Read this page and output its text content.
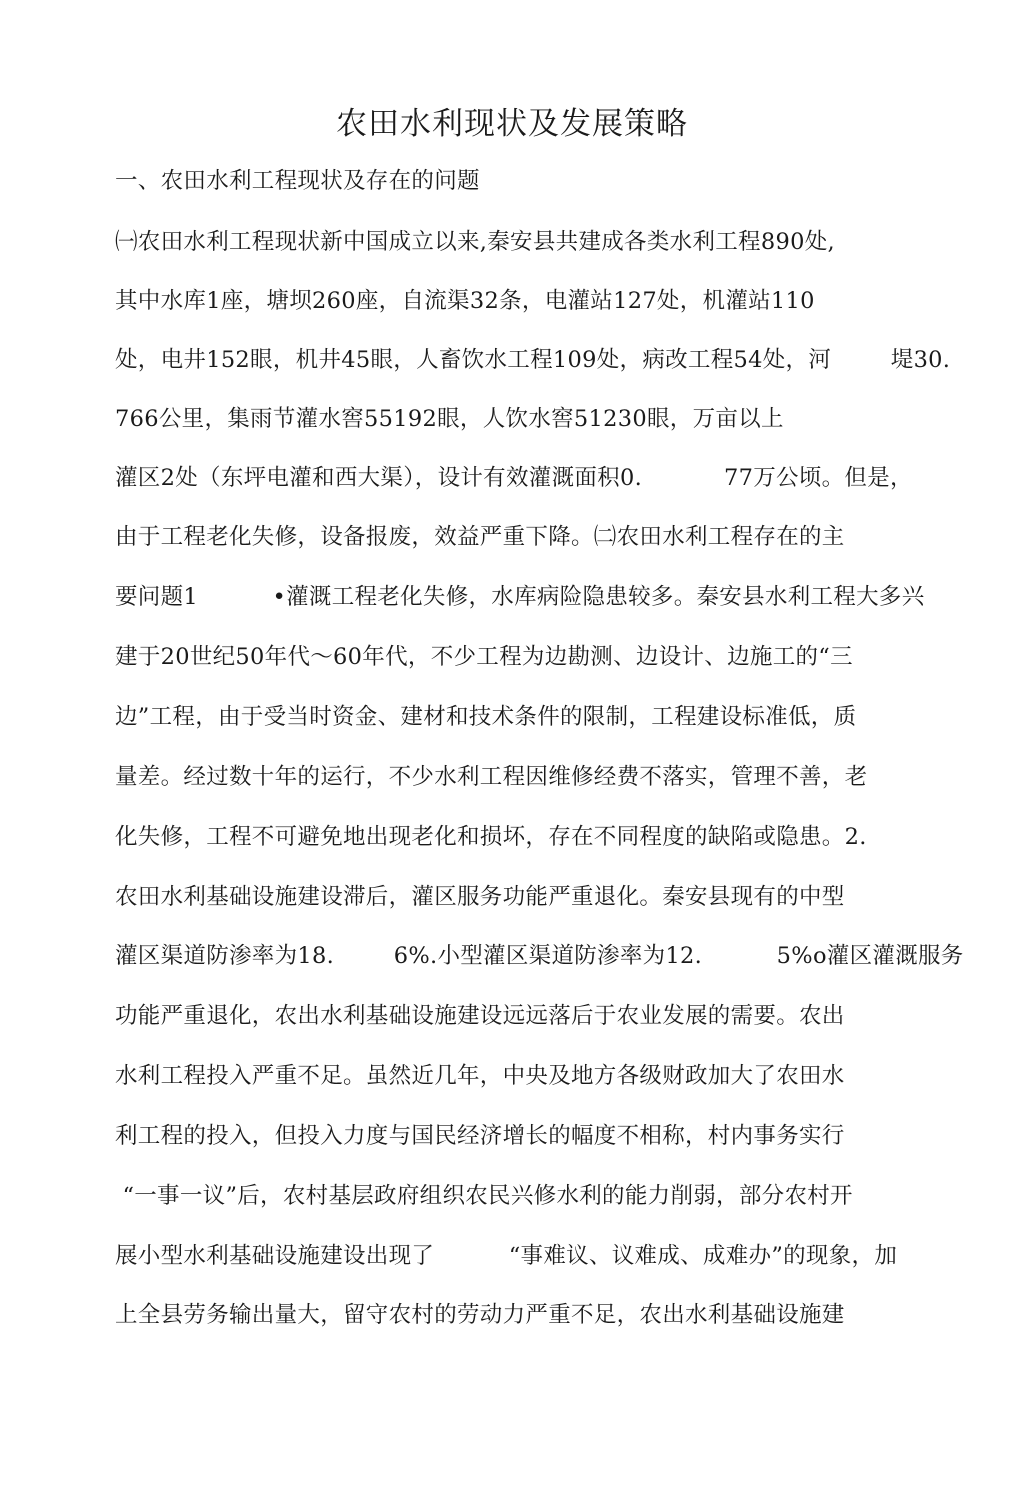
农田水利现状及发展策略
一、农田水利工程现状及存在的问题
㈠农田水利工程现状新中国成立以来,秦安县共建成各类水利工程890处,
其中水库1座，塘坝260座，自流渠32条，电灌站127处，机灌站110
处，电井152眼，机井45眼，人畜饮水工程109处，病改工程54处，河        堤30.
766公里，集雨节灌水窖55192眼，人饮水窖51230眼，万亩以上
灌区2处（东坪电灌和西大渠），设计有效灌溉面积0.           77万公顷。但是，
由于工程老化失修，设备报废，效益严重下降。㈡农田水利工程存在的主
要问题1          •灌溉工程老化失修，水库病险隐患较多。秦安县水利工程大多兴
建于20世纪50年代～60年代，不少工程为边勘测、边设计、边施工的“三
边”工程，由于受当时资金、建材和技术条件的限制，工程建设标准低，质
量差。经过数十年的运行，不少水利工程因维修经费不落实，管理不善，老
化失修，工程不可避免地出现老化和损坏，存在不同程度的缺陷或隐患。2.
农田水利基础设施建设滞后，灌区服务功能严重退化。秦安县现有的中型
灌区渠道防渗率为18.        6%.小型灌区渠道防渗率为12.          5%o灌区灌溉服务
功能严重退化，农出水利基础设施建设远远落后于农业发展的需要。农出
水利工程投入严重不足。虽然近几年，中央及地方各级财政加大了农田水
利工程的投入，但投入力度与国民经济增长的幅度不相称，村内事务实行
“一事一议”后，农村基层政府组织农民兴修水利的能力削弱，部分农村开
展小型水利基础设施建设出现了          “事难议、议难成、成难办”的现象，加
上全县劳务输出量大，留守农村的劳动力严重不足，农出水利基础设施建
